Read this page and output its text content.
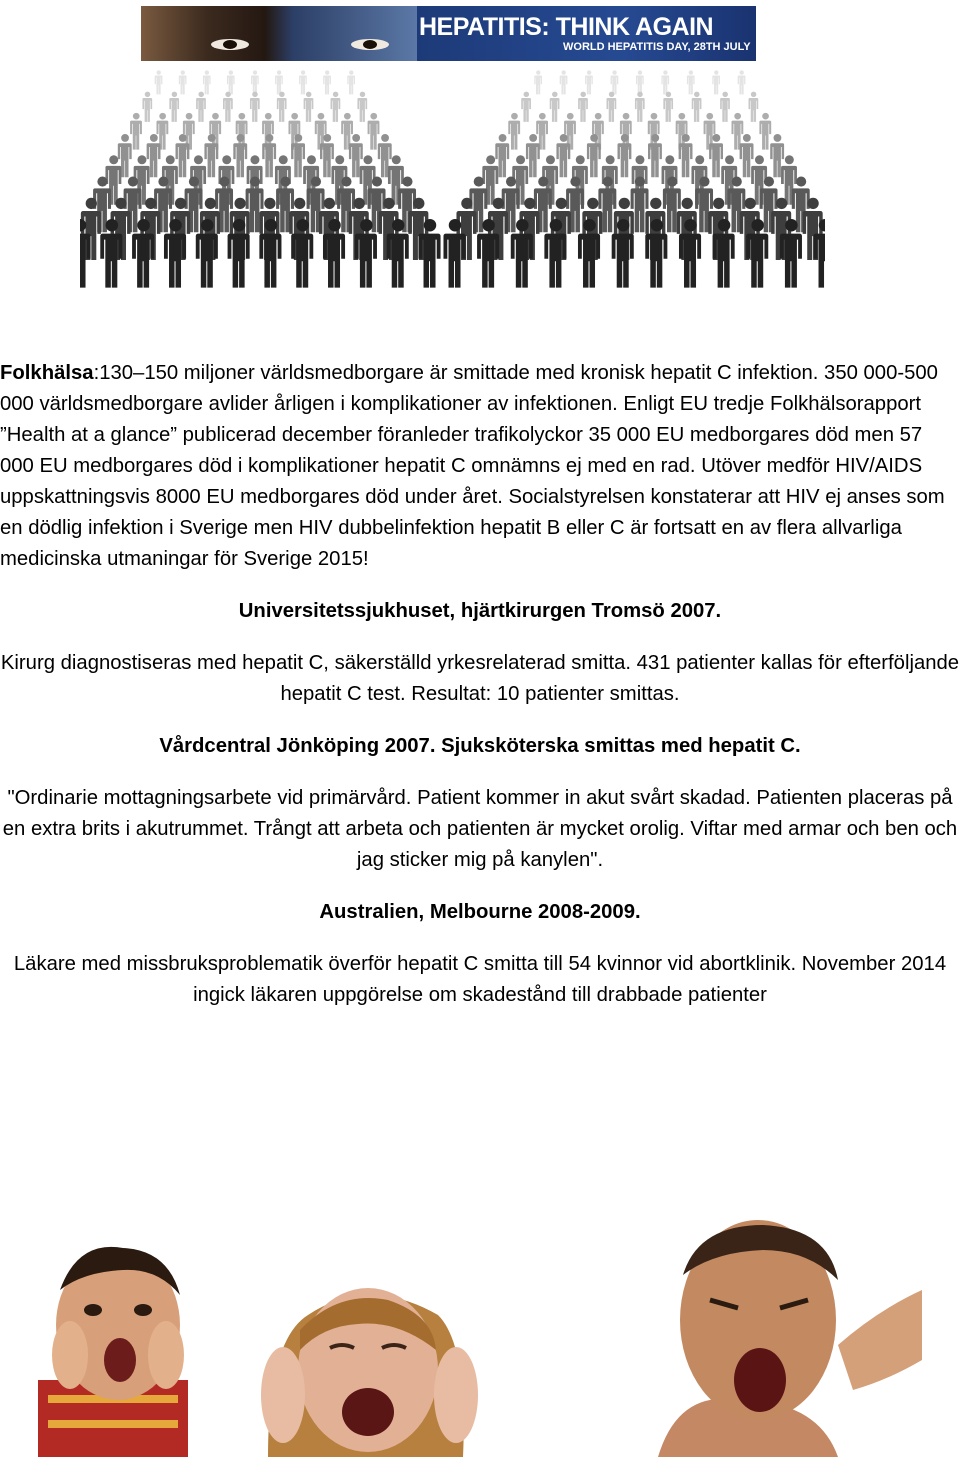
HEPATITIS: THINK AGAIN
WORLD HEPATITIS DAY, 28TH JULY

Folkhälsa:130–150 miljoner världsmedborgare är smittade med kronisk hepatit C infektion. 350 000-500 000 världsmedborgare avlider årligen i komplikationer av infektionen. Enligt EU tredje Folkhälsorapport ”Health at a glance” publicerad december föranleder trafikolyckor 35 000 EU medborgares död men 57 000 EU medborgares död i komplikationer hepatit C omnämns ej med en rad. Utöver medför HIV/AIDS uppskattningsvis 8000 EU medborgares död under året. Socialstyrelsen konstaterar att HIV ej anses som en dödlig infektion i Sverige men HIV dubbelinfektion hepatit B eller C är fortsatt en av flera allvarliga medicinska utmaningar för Sverige 2015!

Universitetssjukhuset, hjärtkirurgen Tromsö 2007.

Kirurg diagnostiseras med hepatit C, säkerställd yrkesrelaterad smitta. 431 patienter kallas för efterföljande hepatit C test. Resultat: 10 patienter smittas.

Vårdcentral Jönköping 2007. Sjuksköterska smittas med hepatit C.

"Ordinarie mottagningsarbete vid primärvård. Patient kommer in akut svårt skadad. Patienten placeras på en extra brits i akutrummet. Trångt att arbeta och patienten är mycket orolig. Viftar med armar och ben och jag sticker mig på kanylen".

Australien, Melbourne 2008-2009.

Läkare med missbruksproblematik överför hepatit C smitta till 54 kvinnor vid abortklinik. November 2014 ingick läkaren uppgörelse om skadestånd till drabbade patienter
